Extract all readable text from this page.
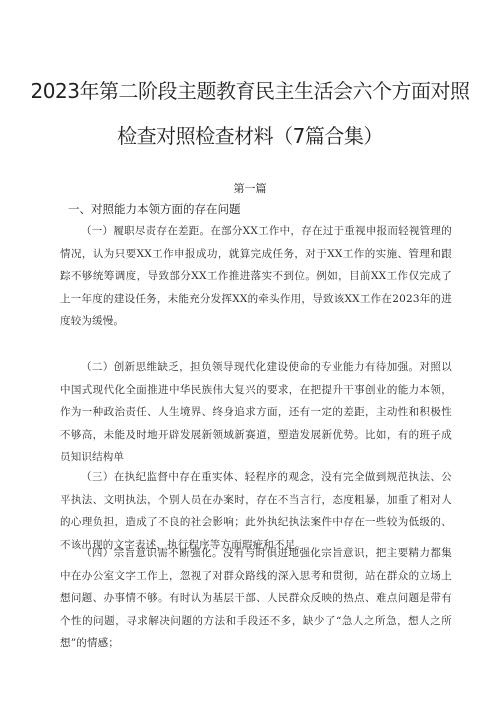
2023年第二阶段主题教育民主生活会六个方面对照
检查对照检查材料（7篇合集）
第一篇
一、对照能力本领方面的存在问题

（一）履职尽责存在差距。在部分XX工作中，存在过于重视申报而轻视管理的情况，认为只要XX工作申报成功，就算完成任务，对于XX工作的实施、管理和跟踪不够统筹调度，导致部分XX工作推进落实不到位。例如，目前XX工作仅完成了上一年度的建设任务，未能充分发挥XX的牵头作用，导致该XX工作在2023年的进度较为缓慢。

（二）创新思维缺乏，担负领导现代化建设使命的专业能力有待加强。对照以中国式现代化全面推进中华民族伟大复兴的要求，在把提升干事创业的能力本领，作为一种政治责任、人生境界、终身追求方面，还有一定的差距，主动性和积极性不够高，未能及时地开辟发展新领域新赛道，塑造发展新优势。比如，有的班子成员知识结构单

（三）在执纪监督中存在重实体、轻程序的观念，没有完全做到规范执法、公平执法、文明执法，个别人员在办案时，存在不当言行，态度粗暴，加重了相对人的心理负担，造成了不良的社会影响；此外执纪执法案件中存在一些较为低级的、不该出现的文字表述、执行程序等方面瑕疵和不足。

（四）宗旨意识需不断强化。没有与时俱进地强化宗旨意识，把主要精力都集中在办公室文字工作上，忽视了对群众路线的深入思考和贯彻，站在群众的立场上想问题、办事情不够。有时认为基层干部、人民群众反映的热点、难点问题是带有个性的问题，寻求解决问题的方法和手段还不多，缺少了“急人之所急，想人之所想”的情感；
